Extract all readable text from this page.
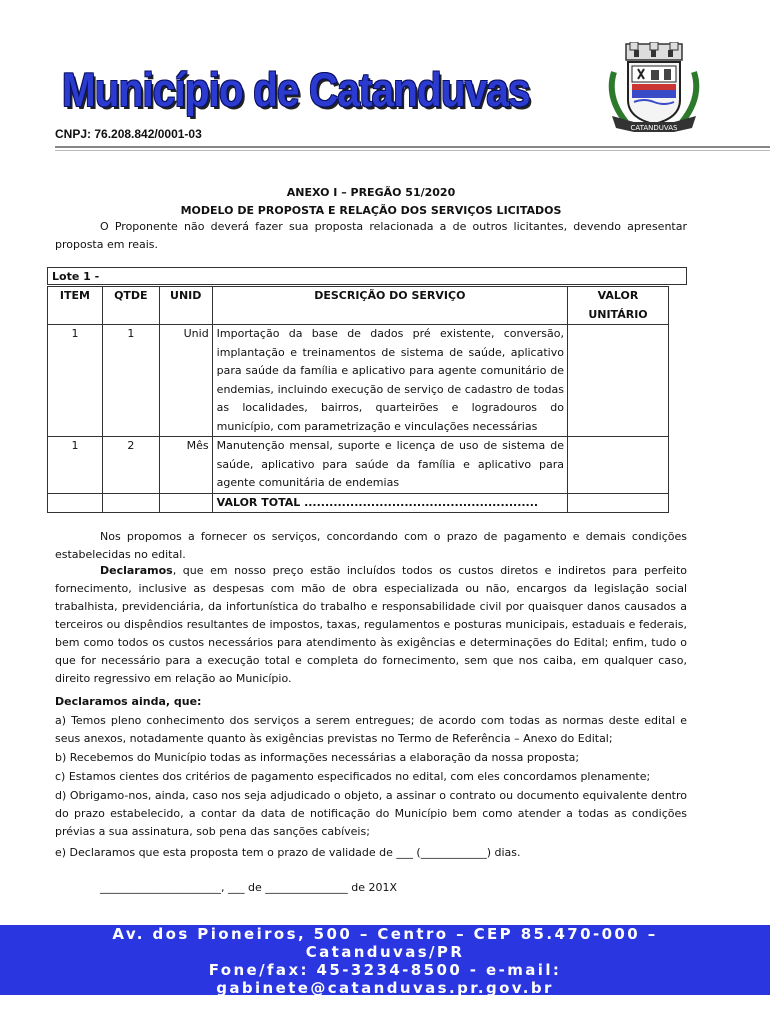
Município de Catanduvas
CATANDUVAS
CNPJ: 76.208.842/0001-03
ANEXO I – PREGÃO 51/2020
MODELO DE PROPOSTA E RELAÇÃO DOS SERVIÇOS LICITADOS
O Proponente não deverá fazer sua proposta relacionada a de outros licitantes, devendo apresentar proposta em reais.
Lote 1 -
ITEM	QTDE	UNID	DESCRIÇÃO DO SERVIÇO	VALOR UNITÁRIO
1	1	Unid	Importação da base de dados pré existente, conversão, implantação e treinamentos de sistema de saúde, aplicativo para saúde da família e aplicativo para agente comunitário de endemias, incluindo execução de serviço de cadastro de todas as localidades, bairros, quarteirões e logradouros do município, com parametrização e vinculações necessárias	
1	2	Mês	Manutenção mensal, suporte e licença de uso de sistema de saúde, aplicativo para saúde da família e aplicativo para agente comunitária de endemias	
			VALOR TOTAL ........................................................	
Nos propomos a fornecer os serviços, concordando com o prazo de pagamento e demais condições estabelecidas no edital.
Declaramos, que em nosso preço estão incluídos todos os custos diretos e indiretos para perfeito fornecimento, inclusive as despesas com mão de obra especializada ou não, encargos da legislação social trabalhista, previdenciária, da infortunística do trabalho e responsabilidade civil por quaisquer danos causados a terceiros ou dispêndios resultantes de impostos, taxas, regulamentos e posturas municipais, estaduais e federais, bem como todos os custos necessários para atendimento às exigências e determinações do Edital; enfim, tudo o que for necessário para a execução total e completa do fornecimento, sem que nos caiba, em qualquer caso, direito regressivo em relação ao Município.
Declaramos ainda, que:
a) Temos pleno conhecimento dos serviços a serem entregues; de acordo com todas as normas deste edital e seus anexos, notadamente quanto às exigências previstas no Termo de Referência – Anexo do Edital;
b) Recebemos do Município todas as informações necessárias a elaboração da nossa proposta;
c) Estamos cientes dos critérios de pagamento especificados no edital, com eles concordamos plenamente;
d) Obrigamo-nos, ainda, caso nos seja adjudicado o objeto, a assinar o contrato ou documento equivalente dentro do prazo estabelecido, a contar da data de notificação do Município bem como atender a todas as condições prévias a sua assinatura, sob pena das sanções cabíveis;
e) Declaramos que esta proposta tem o prazo de validade de ___ (____________) dias.
______________________, ___ de _______________ de 201X
Av. dos Pioneiros, 500 – Centro – CEP 85.470-000 –
Catanduvas/PR
Fone/fax: 45-3234-8500 - e-mail:
gabinete@catanduvas.pr.gov.br
